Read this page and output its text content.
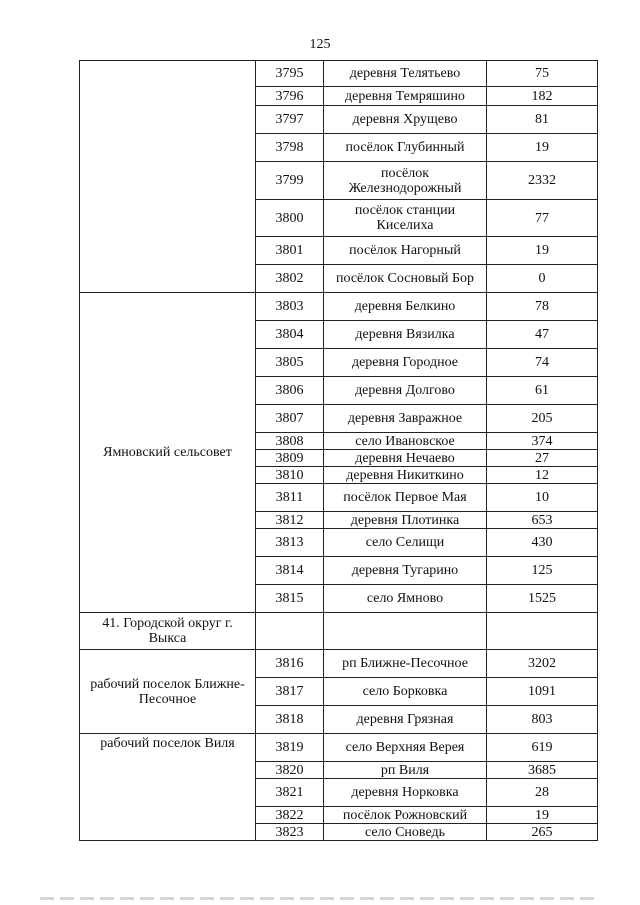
125
	3795	деревня Телятьево	75
	3796	деревня Темряшино	182
	3797	деревня Хрущево	81
	3798	посёлок Глубинный	19
	3799	посёлок Железнодорожный	2332
	3800	посёлок станции Киселиха	77
	3801	посёлок Нагорный	19
	3802	посёлок Сосновый Бор	0
Ямновский сельсовет	3803	деревня Белкино	78
	3804	деревня Вязилка	47
	3805	деревня Городное	74
	3806	деревня Долгово	61
	3807	деревня Завражное	205
	3808	село Ивановское	374
	3809	деревня Нечаево	27
	3810	деревня Никиткино	12
	3811	посёлок Первое Мая	10
	3812	деревня Плотинка	653
	3813	село Селищи	430
	3814	деревня Тугарино	125
	3815	село Ямново	1525
41. Городской округ г. Выкса			
рабочий поселок Ближне-Песочное	3816	рп Ближне-Песочное	3202
	3817	село Борковка	1091
	3818	деревня Грязная	803
рабочий поселок Виля	3819	село Верхняя Верея	619
	3820	рп Виля	3685
	3821	деревня Норковка	28
	3822	посёлок Рожновский	19
	3823	село Сноведь	265
